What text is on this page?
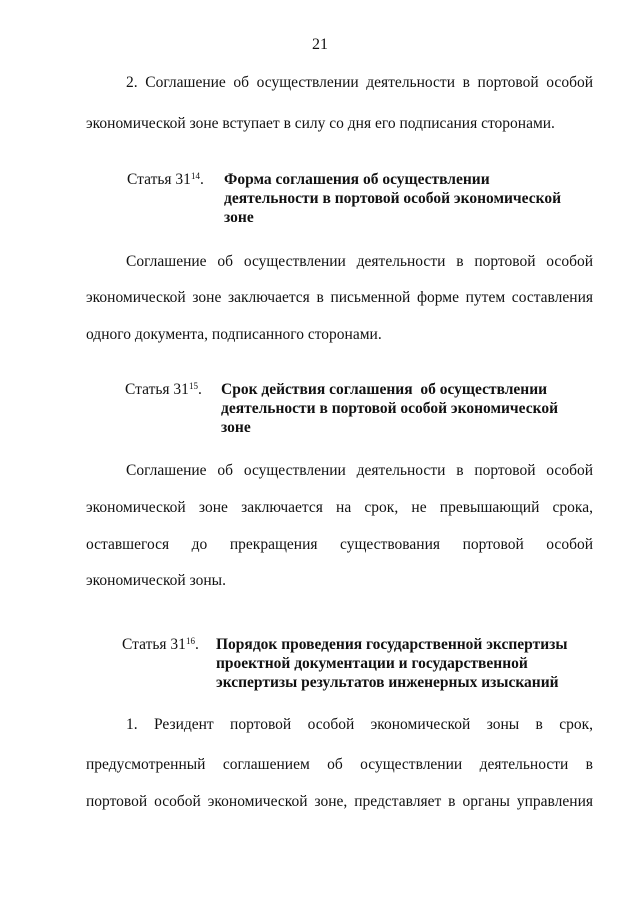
21
2. Соглашение об осуществлении деятельности в портовой особой
экономической зоне вступает в силу со дня его подписания сторонами.
Статья $31^{14}$. Форма соглашения об осуществлении
деятельности в портовой особой экономической
зоне
Соглашение об осуществлении деятельности в портовой особой
экономической зоне заключается в письменной форме путем составления
одного документа, подписанного сторонами.
Статья $31^{15}$. Срок действия соглашения  об осуществлении
деятельности в портовой особой экономической
зоне
Соглашение об осуществлении деятельности в портовой особой
экономической зоне заключается на срок, не превышающий срока,
оставшегося до прекращения существования портовой особой
экономической зоны.
Статья $31^{16}$. Порядок проведения государственной экспертизы
проектной документации и государственной
экспертизы результатов инженерных изысканий
1. Резидент портовой особой экономической зоны в срок,
предусмотренный соглашением об осуществлении деятельности в
портовой особой экономической зоне, представляет в органы управления
